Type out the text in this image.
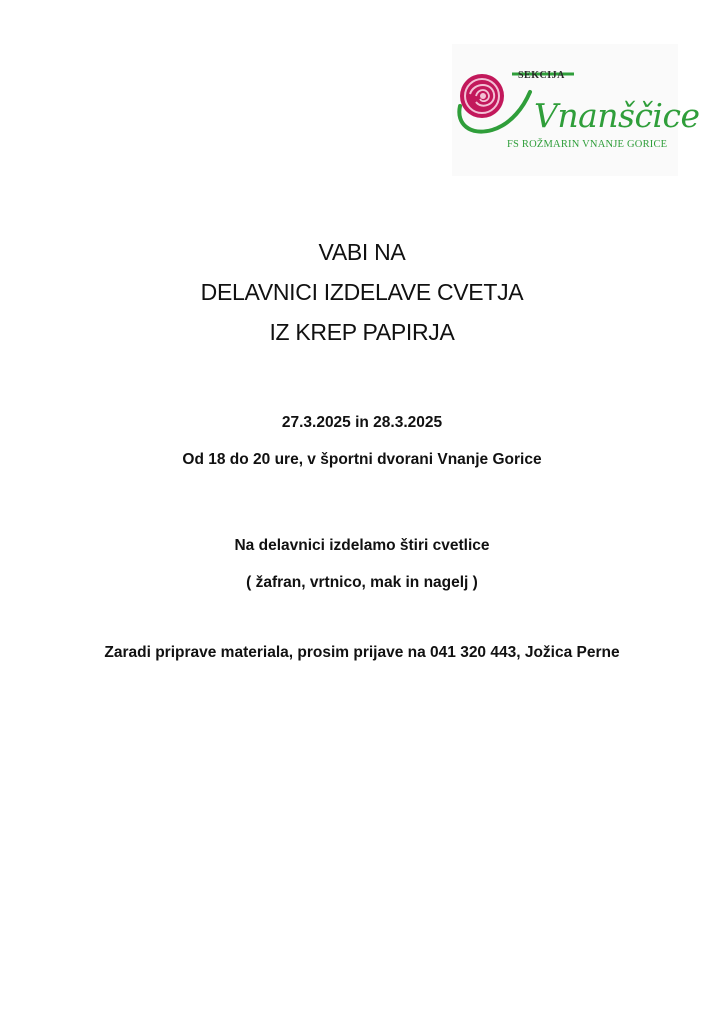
SEKCIJA
Vnanščice
FS ROŽMARIN VNANJE GORICE
VABI NA
DELAVNICI IZDELAVE CVETJA
IZ KREP PAPIRJA
27.3.2025 in 28.3.2025
Od 18 do 20 ure, v športni dvorani Vnanje Gorice
Na delavnici izdelamo štiri cvetlice
( žafran, vrtnico, mak in nagelj )
Zaradi priprave materiala, prosim prijave na 041 320 443, Jožica Perne
